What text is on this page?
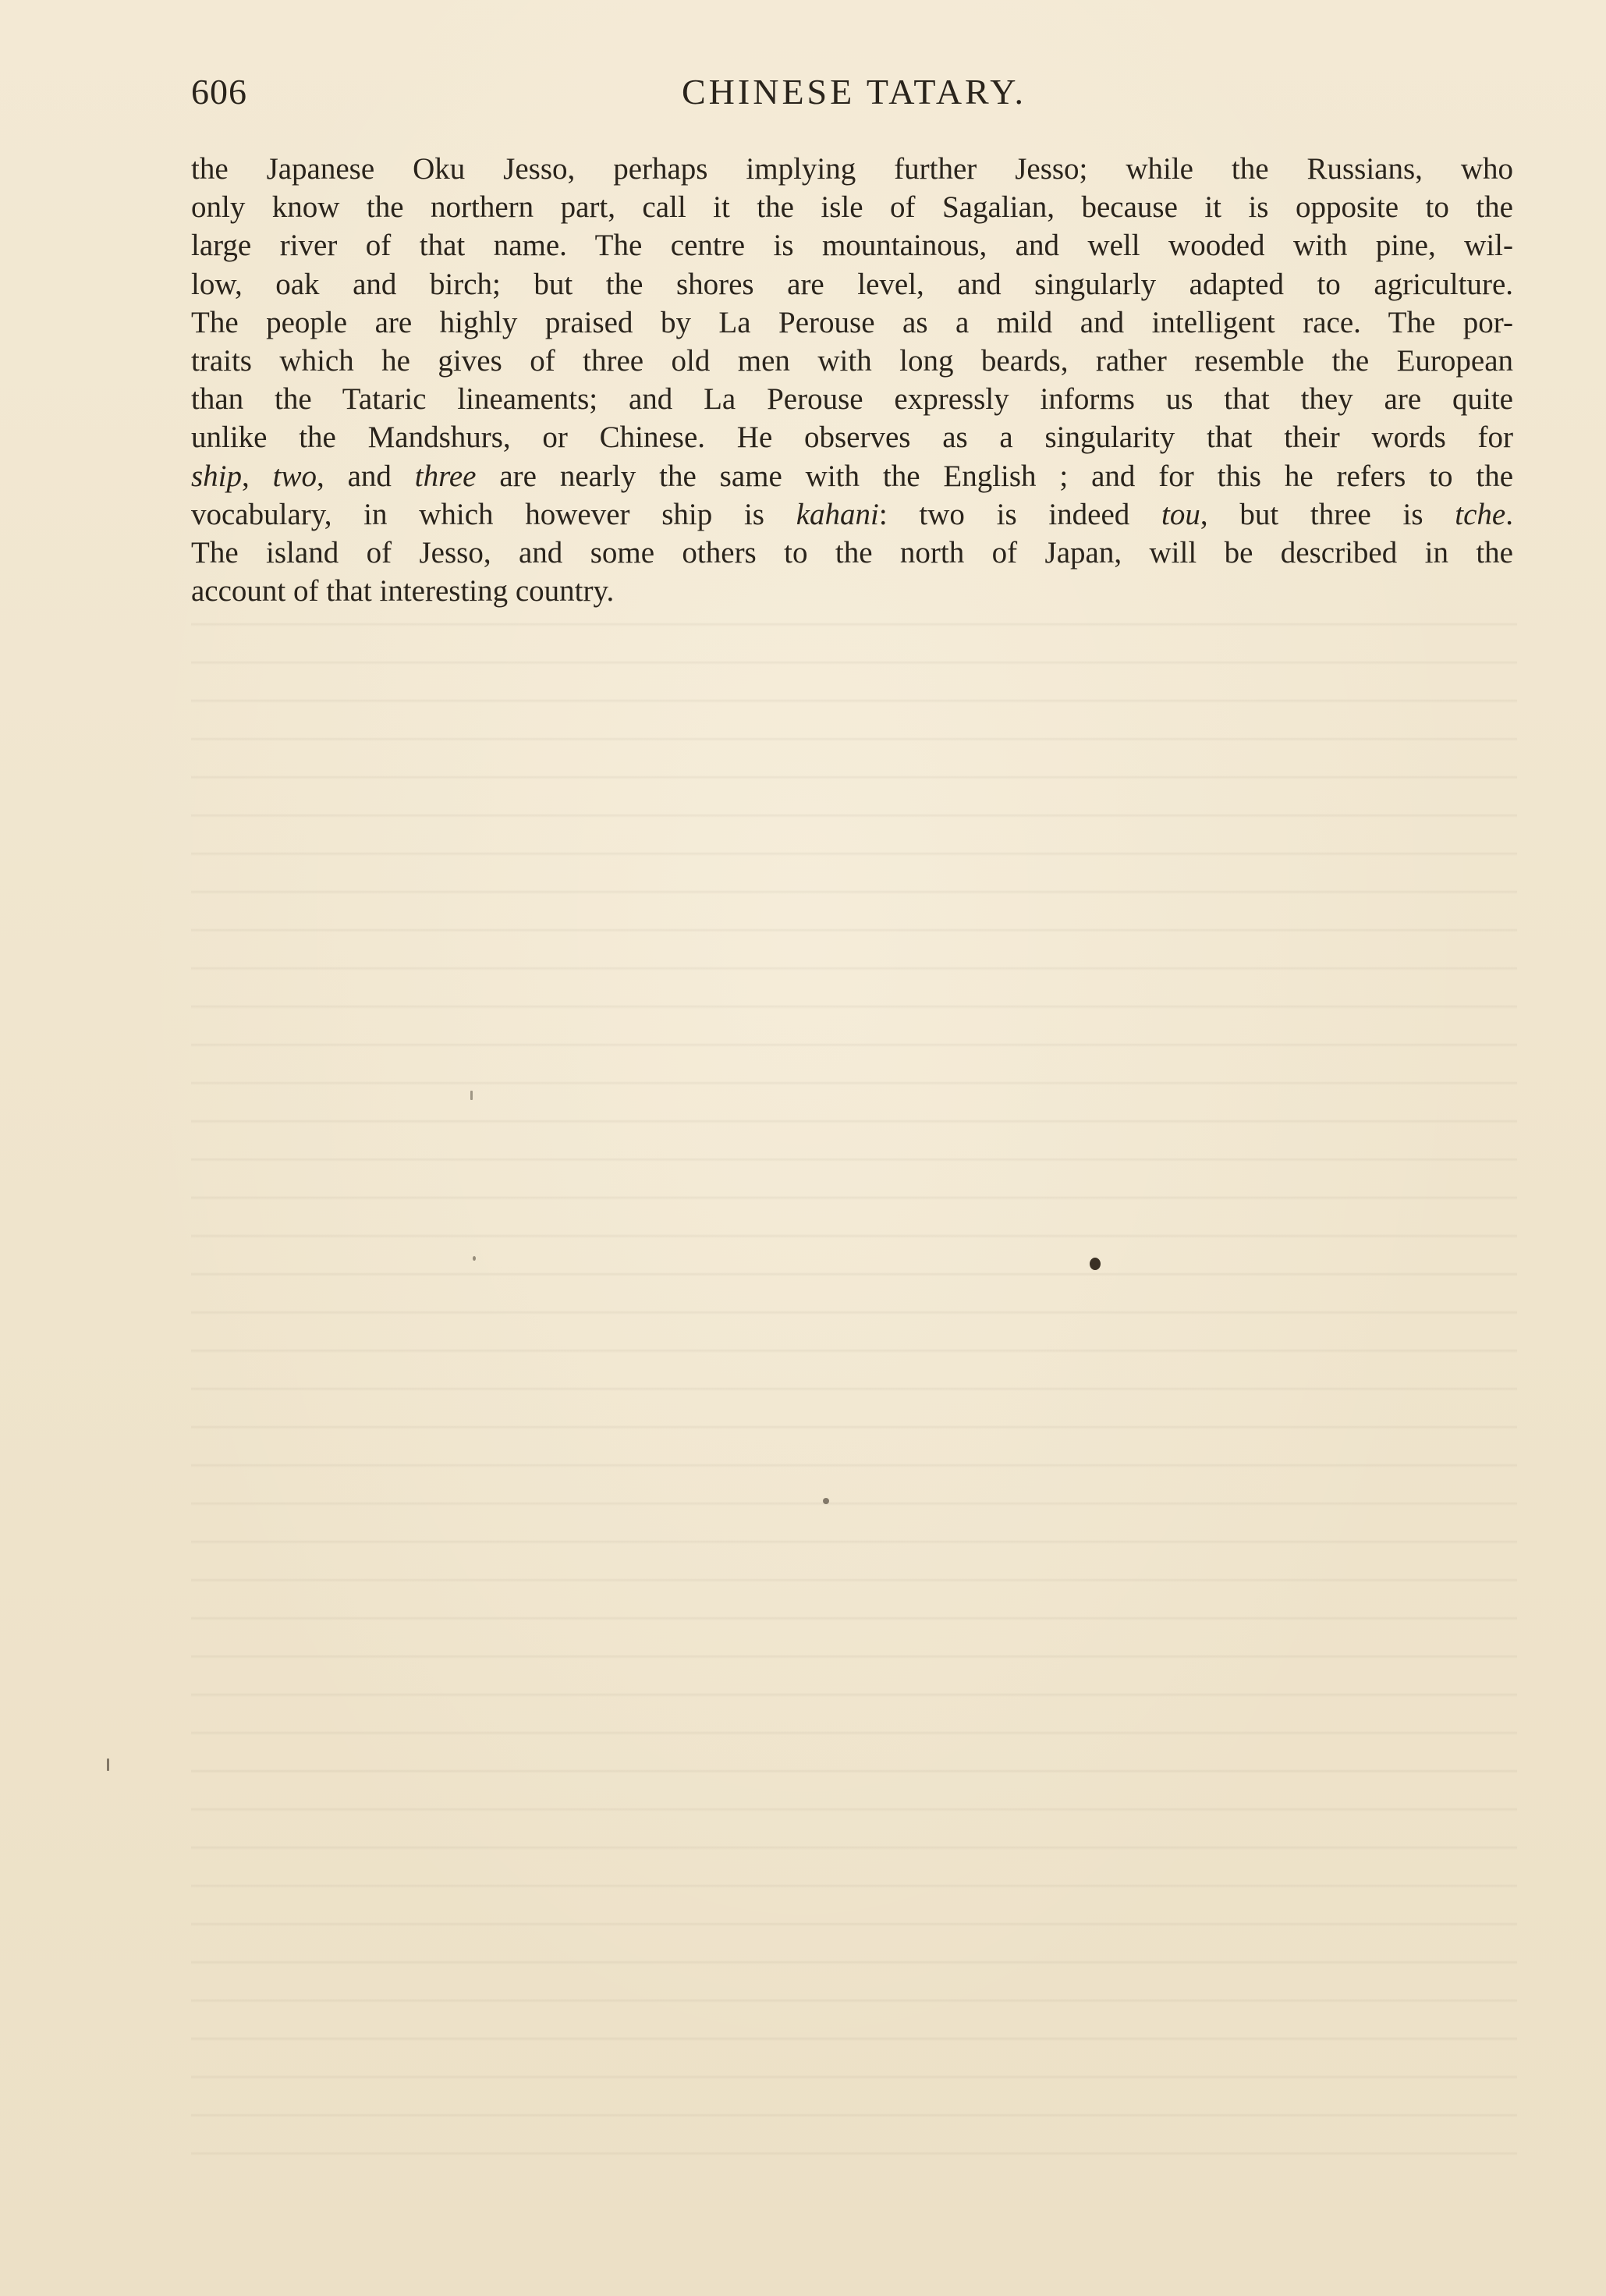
606	CHINESE TATARY.
the Japanese Oku Jesso, perhaps implying further Jesso; while the Russians, who
only know the northern part, call it the isle of Sagalian, because it is opposite to the
large river of that name. The centre is mountainous, and well wooded with pine, wil-
low, oak and birch; but the shores are level, and singularly adapted to agriculture.
The people are highly praised by La Perouse as a mild and intelligent race. The por-
traits which he gives of three old men with long beards, rather resemble the European
than the Tataric lineaments; and La Perouse expressly informs us that they are quite
unlike the Mandshurs, or Chinese. He observes as a singularity that their words for
ship, two, and three are nearly the same with the English ; and for this he refers to the
vocabulary, in which however ship is kahani: two is indeed tou, but three is tche.
The island of Jesso, and some others to the north of Japan, will be described in the
account of that interesting country.
